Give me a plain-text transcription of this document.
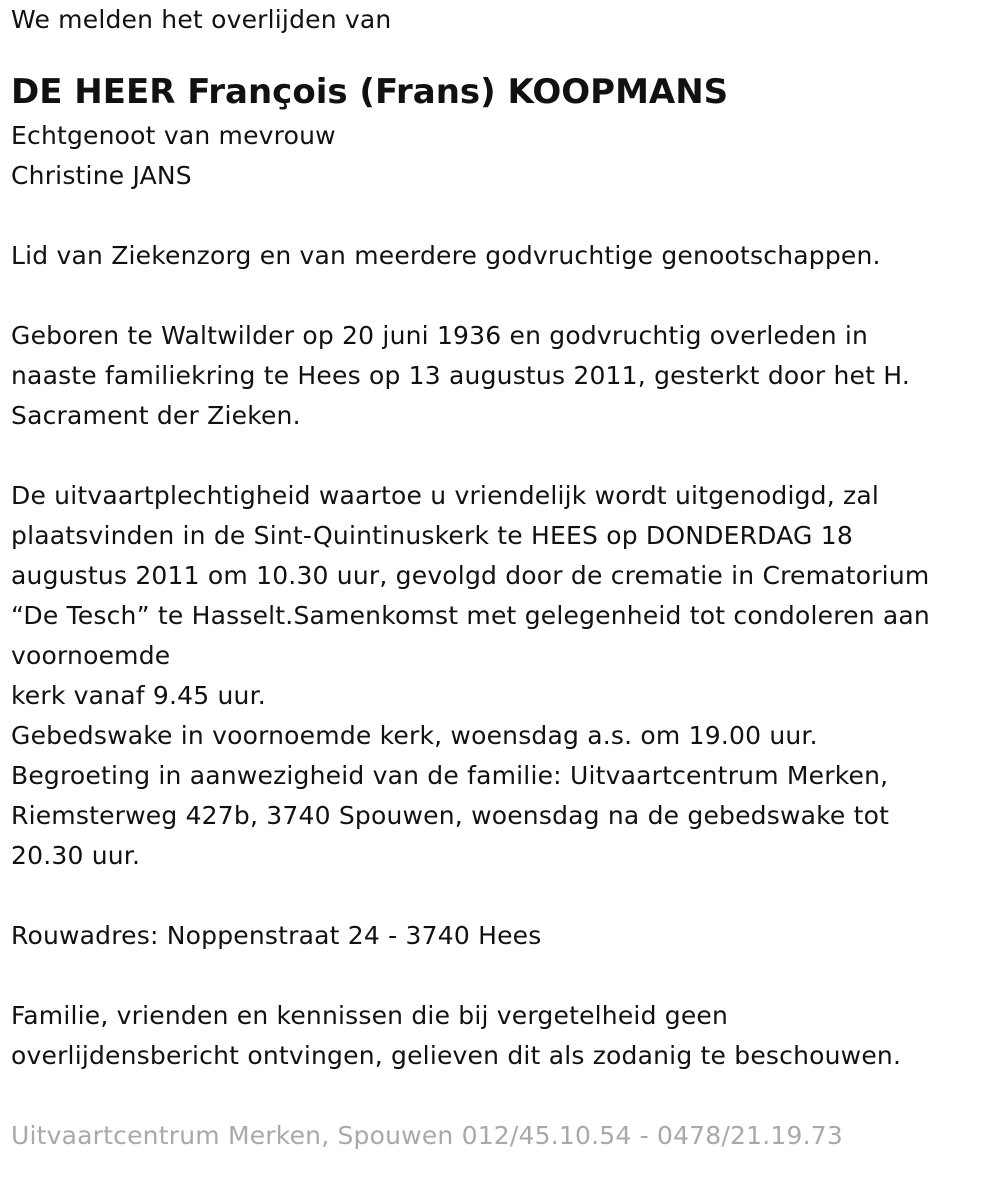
We melden het overlijden van
DE HEER François (Frans) KOOPMANS
Echtgenoot van mevrouw
Christine JANS
Lid van Ziekenzorg en van meerdere godvruchtige genootschappen.
Geboren te Waltwilder op 20 juni 1936 en godvruchtig overleden in
naaste familiekring te Hees op 13 augustus 2011, gesterkt door het H.
Sacrament der Zieken.
De uitvaartplechtigheid waartoe u vriendelijk wordt uitgenodigd, zal
plaatsvinden in de Sint-Quintinuskerk te HEES op DONDERDAG 18
augustus 2011 om 10.30 uur, gevolgd door de crematie in Crematorium
“De Tesch” te Hasselt.Samenkomst met gelegenheid tot condoleren aan
voornoemde
kerk vanaf 9.45 uur.
Gebedswake in voornoemde kerk, woensdag a.s. om 19.00 uur.
Begroeting in aanwezigheid van de familie: Uitvaartcentrum Merken,
Riemsterweg 427b, 3740 Spouwen, woensdag na de gebedswake tot
20.30 uur.
Rouwadres: Noppenstraat 24 - 3740 Hees
Familie, vrienden en kennissen die bij vergetelheid geen
overlijdensbericht ontvingen, gelieven dit als zodanig te beschouwen.
Uitvaartcentrum Merken, Spouwen 012/45.10.54 - 0478/21.19.73
